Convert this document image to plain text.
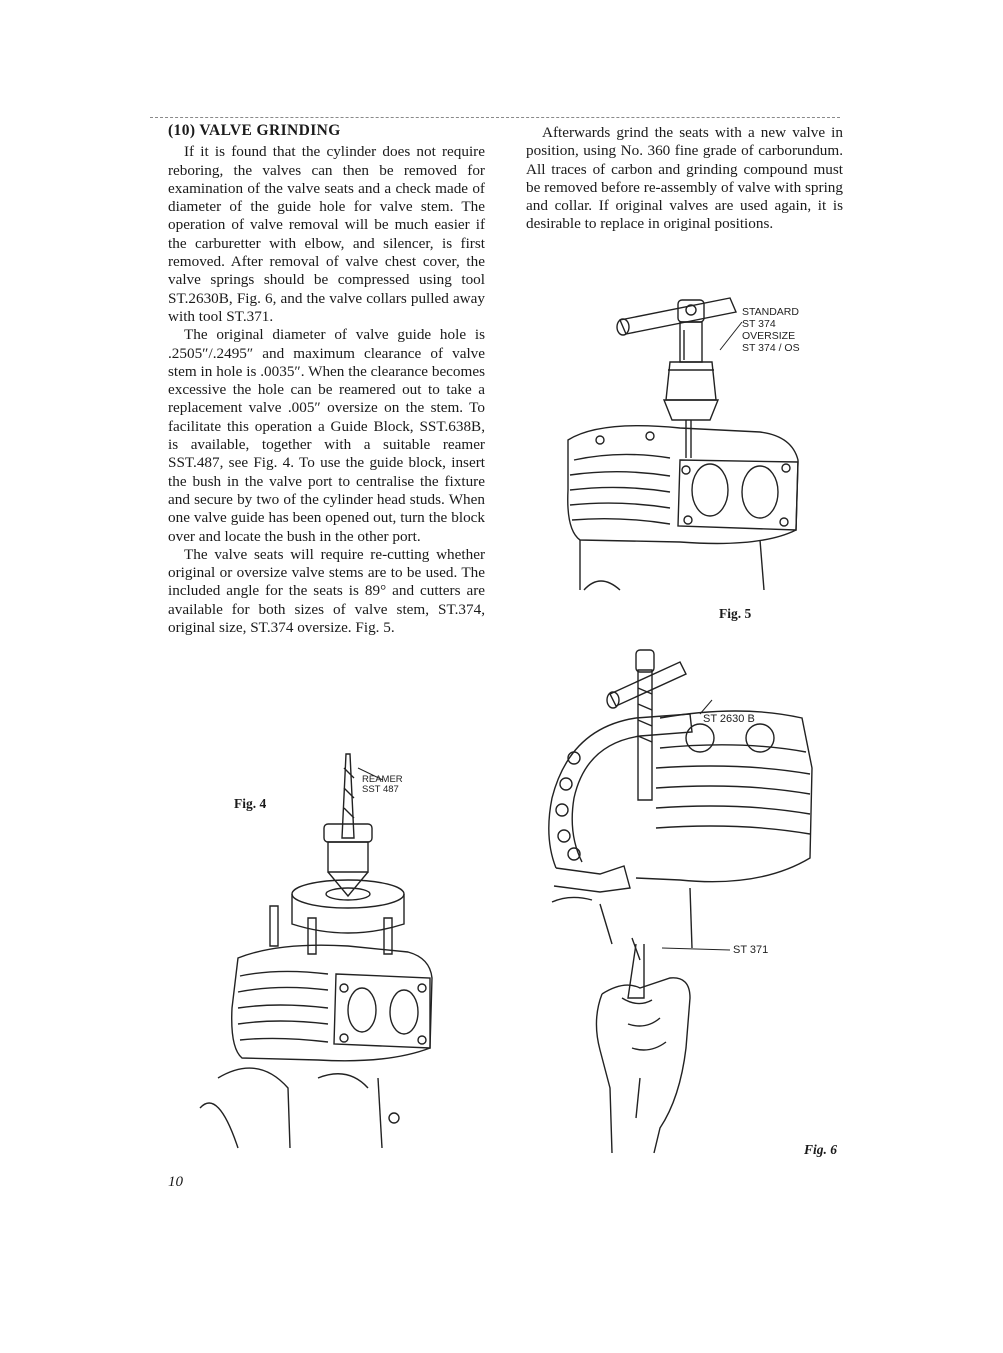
(10) VALVE GRINDING

If it is found that the cylinder does not require reboring, the valves can then be removed for examination of the valve seats and a check made of diameter of the guide hole for valve stem. The operation of valve removal will be much easier if the carburetter with elbow, and silencer, is first removed. After removal of valve chest cover, the valve springs should be compressed using tool ST.2630B, Fig. 6, and the valve collars pulled away with tool ST.371.

The original diameter of valve guide hole is .2505″/.2495″ and maximum clearance of valve stem in hole is .0035″. When the clearance becomes excessive the hole can be reamered out to take a replacement valve .005″ oversize on the stem. To facilitate this operation a Guide Block, SST.638B, is available, together with a suitable reamer SST.487, see Fig. 4. To use the guide block, insert the bush in the valve port to centralise the fixture and secure by two of the cylinder head studs. When one valve guide has been opened out, turn the block over and locate the bush in the other port.

The valve seats will require re-cutting whether original or oversize valve stems are to be used. The included angle for the seats is 89° and cutters are available for both sizes of valve stem, ST.374, original size, ST.374 oversize. Fig. 5.

Afterwards grind the seats with a new valve in position, using No. 360 fine grade of carborundum. All traces of carbon and grinding compound must be removed before re-assembly of valve with spring and collar. If original valves are used again, it is desirable to replace in original positions.

STANDARD
ST 374
OVERSIZE
ST 374 / OS
Fig. 5
REAMER
SST 487
Fig. 4
ST 2630 B
ST 371
Fig. 6
10
